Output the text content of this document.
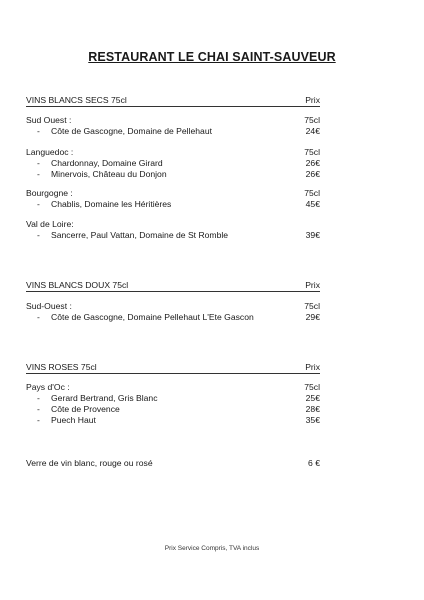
RESTAURANT LE CHAI SAINT-SAUVEUR
VINS BLANCS SECS 75cl	Prix
Sud Ouest :	75cl
- Côte de Gascogne, Domaine de Pellehaut	24€
Languedoc :	75cl
- Chardonnay, Domaine Girard	26€
- Minervois, Château du Donjon	26€
Bourgogne :	75cl
- Chablis, Domaine les Héritières	45€
Val de Loire:
- Sancerre, Paul Vattan, Domaine de St Romble	39€
VINS BLANCS DOUX 75cl	Prix
Sud-Ouest :	75cl
- Côte de Gascogne, Domaine Pellehaut L'Ete Gascon	29€
VINS ROSES 75cl	Prix
Pays d'Oc :	75cl
- Gerard Bertrand, Gris Blanc	25€
- Côte de Provence	28€
- Puech Haut	35€
Verre de vin blanc, rouge ou rosé	6 €
Prix Service Compris, TVA inclus
